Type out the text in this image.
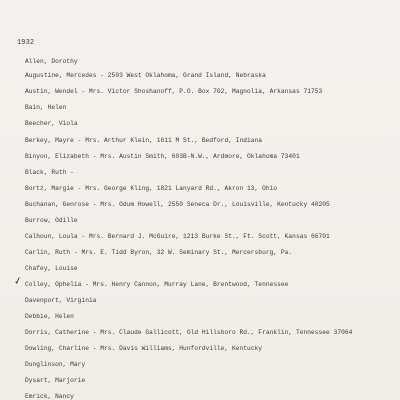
1932
✓
Allen, Dorothy
Augustine, Mercedes - 2503 West Oklahoma, Grand Island, Nebraska
Austin, Wendel - Mrs. Victor Shoshanoff, P.O. Box 702, Magnolia, Arkansas 71753
Bain, Helen
Beecher, Viola
Berkey, Mayre - Mrs. Arthur Klein, 1611 M St., Bedford, Indiana
Binyon, Elizabeth - Mrs. Austin Smith, 603B-N.W., Ardmore, Oklahoma 73401
Black, Ruth -
Bortz, Margie - Mrs. George Kling, 1821 Lanyard Rd., Akron 13, Ohio
Buchanan, Genrose - Mrs. Odum Howell, 2550 Seneca Dr., Louisville, Kentucky 40205
Burrow, Odille
Calhoun, Loula - Mrs. Bernard J. McGuire, 1213 Burke St., Ft. Scott, Kansas 66701
Carlin, Ruth - Mrs. E. Tidd Byron, 32 W. Seminary St., Mercersburg, Pa.
Chafey, Louise
Colley, Ophelia - Mrs. Henry Cannon, Murray Lane, Brentwood, Tennessee
Davenport, Virginia
Debbie, Helen
Dorris, Catherine - Mrs. Claude Gallicott, Old Hillsboro Rd., Franklin, Tennessee 37064
Dowling, Charline - Mrs. Davis Williams, Hunfordville, Kentucky
Dunglinson, Mary
Dysart, Marjorie
Emrick, Nancy
